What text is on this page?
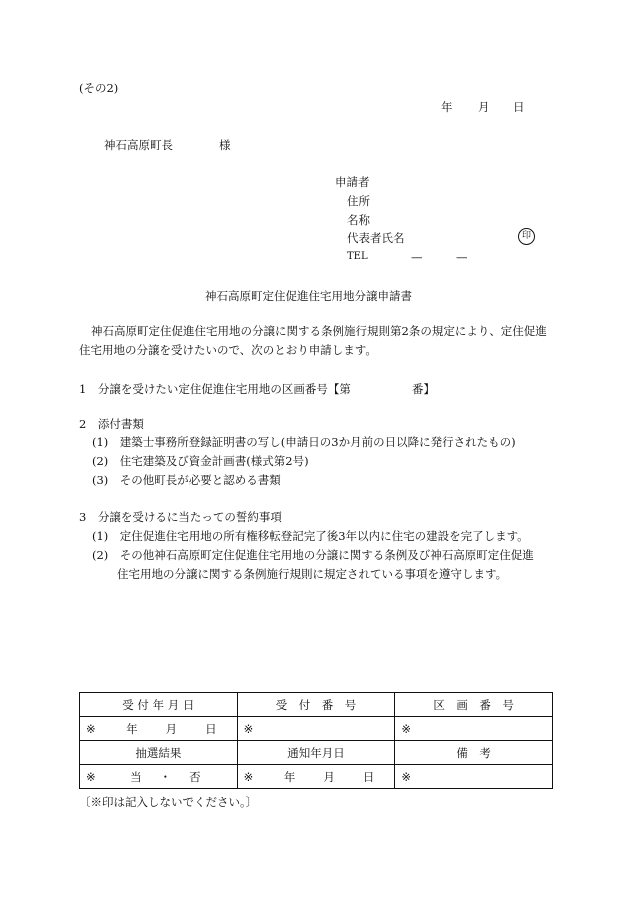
(その2)
年 月 日
神石高原町長	様
申請者
住所
名称
代表者氏名	印
TEL	—	—
神石高原町定住促進住宅用地分譲申請書
神石高原町定住促進住宅用地の分譲に関する条例施行規則第2条の規定により、定住促進住宅用地の分譲を受けたいので、次のとおり申請します。
1　分譲を受けたい定住促進住宅用地の区画番号【第	番】
2　添付書類
(1)　建築士事務所登録証明書の写し(申請日の3か月前の日以降に発行されたもの)
(2)　住宅建築及び資金計画書(様式第2号)
(3)　その他町長が必要と認める書類
3　分譲を受けるに当たっての誓約事項
(1)　定住促進住宅用地の所有権移転登記完了後3年以内に住宅の建設を完了します。
(2)　その他神石高原町定住促進住宅用地の分譲に関する条例及び神石高原町定住促進
住宅用地の分譲に関する条例施行規則に規定されている事項を遵守します。
受 付 年 月 日	受　付　番　号	区　画　番　号

※ 年 月 日	※	※
抽選結果	通知年月日	備　考

※ 当 ・ 否	※ 年 月 日	※
〔※印は記入しないでください。〕
